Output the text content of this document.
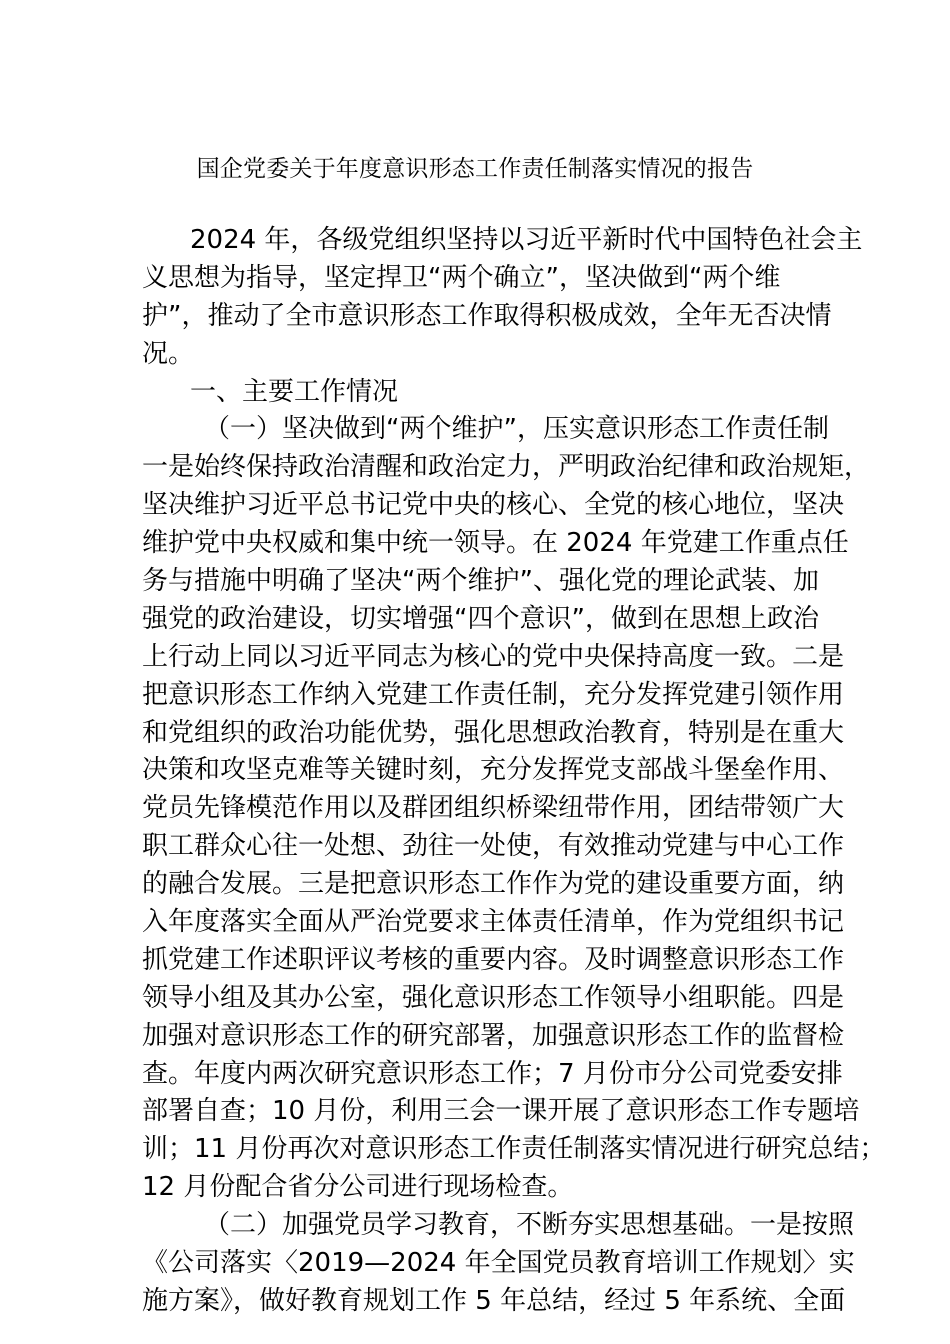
国企党委关于年度意识形态工作责任制落实情况的报告
2024 年，各级党组织坚持以习近平新时代中国特色社会主
义思想为指导，坚定捍卫“两个确立”，坚决做到“两个维
护”，推动了全市意识形态工作取得积极成效，全年无否决情
况。
一、主要工作情况
（一）坚决做到“两个维护”，压实意识形态工作责任制
一是始终保持政治清醒和政治定力，严明政治纪律和政治规矩，
坚决维护习近平总书记党中央的核心、全党的核心地位，坚决
维护党中央权威和集中统一领导。在 2024 年党建工作重点任
务与措施中明确了坚决“两个维护”、强化党的理论武装、加
强党的政治建设，切实增强“四个意识”，做到在思想上政治
上行动上同以习近平同志为核心的党中央保持高度一致。二是
把意识形态工作纳入党建工作责任制，充分发挥党建引领作用
和党组织的政治功能优势，强化思想政治教育，特别是在重大
决策和攻坚克难等关键时刻，充分发挥党支部战斗堡垒作用、
党员先锋模范作用以及群团组织桥梁纽带作用，团结带领广大
职工群众心往一处想、劲往一处使，有效推动党建与中心工作
的融合发展。三是把意识形态工作作为党的建设重要方面，纳
入年度落实全面从严治党要求主体责任清单，作为党组织书记
抓党建工作述职评议考核的重要内容。及时调整意识形态工作
领导小组及其办公室，强化意识形态工作领导小组职能。四是
加强对意识形态工作的研究部署，加强意识形态工作的监督检
查。年度内两次研究意识形态工作；7 月份市分公司党委安排
部署自查；10 月份，利用三会一课开展了意识形态工作专题培
训；11 月份再次对意识形态工作责任制落实情况进行研究总结；
12 月份配合省分公司进行现场检查。
（二）加强党员学习教育，不断夯实思想基础。一是按照
《公司落实〈2019—2024 年全国党员教育培训工作规划〉实
施方案》，做好教育规划工作 5 年总结，经过 5 年系统、全面
